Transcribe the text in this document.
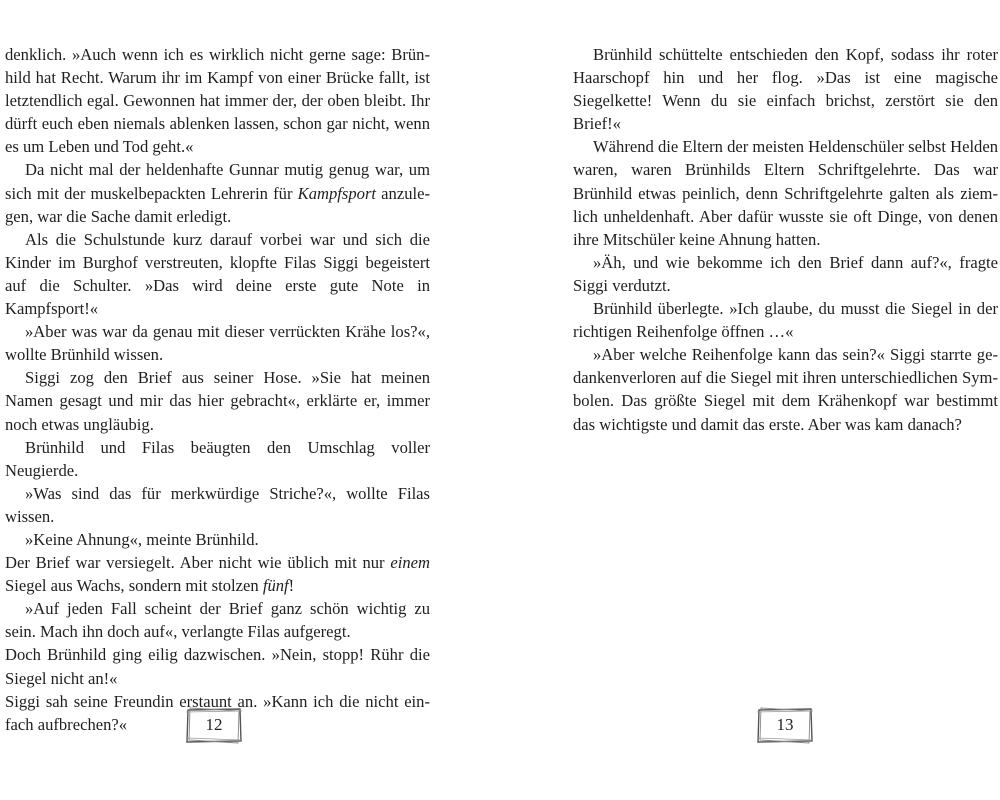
denklich. »Auch wenn ich es wirklich nicht gerne sage: Brünhild hat Recht. Warum ihr im Kampf von einer Brücke fallt, ist letztendlich egal. Gewonnen hat immer der, der oben bleibt. Ihr dürft euch eben niemals ablenken lassen, schon gar nicht, wenn es um Leben und Tod geht.«

Da nicht mal der heldenhafte Gunnar mutig genug war, um sich mit der muskelbepackten Lehrerin für Kampfsport anzulegen, war die Sache damit erledigt.

Als die Schulstunde kurz darauf vorbei war und sich die Kinder im Burghof verstreuten, klopfte Filas Siggi begeistert auf die Schulter. »Das wird deine erste gute Note in Kampfsport!«

»Aber was war da genau mit dieser verrückten Krähe los?«, wollte Brünhild wissen.

Siggi zog den Brief aus seiner Hose. »Sie hat meinen Namen gesagt und mir das hier gebracht«, erklärte er, immer noch etwas ungläubig.

Brünhild und Filas beäugten den Umschlag voller Neugierde.

»Was sind das für merkwürdige Striche?«, wollte Filas wissen.

»Keine Ahnung«, meinte Brünhild.

Der Brief war versiegelt. Aber nicht wie üblich mit nur einem Siegel aus Wachs, sondern mit stolzen fünf!

»Auf jeden Fall scheint der Brief ganz schön wichtig zu sein. Mach ihn doch auf«, verlangte Filas aufgeregt.

Doch Brünhild ging eilig dazwischen. »Nein, stopp! Rühr die Siegel nicht an!«

Siggi sah seine Freundin erstaunt an. »Kann ich die nicht einfach aufbrechen?«

Brünhild schüttelte entschieden den Kopf, sodass ihr roter Haarschopf hin und her flog. »Das ist eine magische Siegelkette! Wenn du sie einfach brichst, zerstört sie den Brief!«

Während die Eltern der meisten Heldenschüler selbst Helden waren, waren Brünhilds Eltern Schriftgelehrte. Das war Brünhild etwas peinlich, denn Schriftgelehrte galten als ziemlich unheldenhaft. Aber dafür wusste sie oft Dinge, von denen ihre Mitschüler keine Ahnung hatten.

»Äh, und wie bekomme ich den Brief dann auf?«, fragte Siggi verdutzt.

Brünhild überlegte. »Ich glaube, du musst die Siegel in der richtigen Reihenfolge öffnen …«

»Aber welche Reihenfolge kann das sein?« Siggi starrte gedankenverloren auf die Siegel mit ihren unterschiedlichen Symbolen. Das größte Siegel mit dem Krähenkopf war bestimmt das wichtigste und damit das erste. Aber was kam danach?

12	13
